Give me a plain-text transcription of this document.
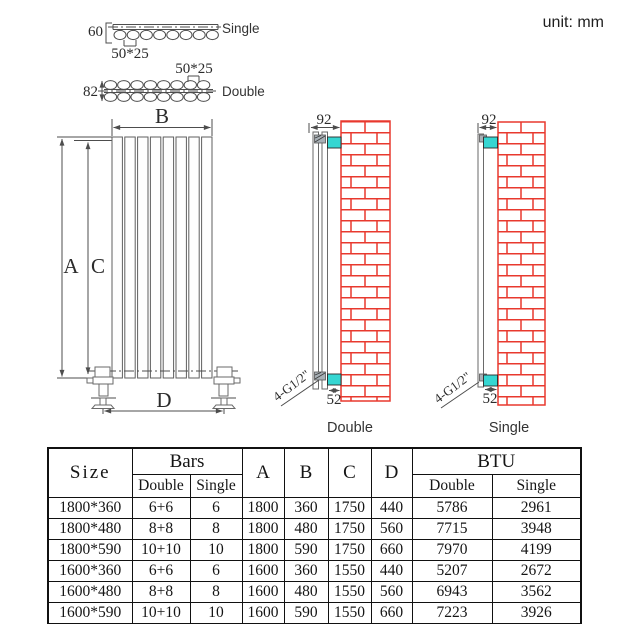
unit: mm
60
50*25
Single
50*25
82	Double
A C
B
D
92
52
4-G1/2"
Double
92
52
4-G1/2"
Single
Size	Bars		A	B	C	D	BTU	
	Double	Single					Double	Single
1800*360	6+6	6	1800	360	1750	440	5786	2961
1800*480	8+8	8	1800	480	1750	560	7715	3948
1800*590	10+10	10	1800	590	1750	660	7970	4199
1600*360	6+6	6	1600	360	1550	440	5207	2672
1600*480	8+8	8	1600	480	1550	560	6943	3562
1600*590	10+10	10	1600	590	1550	660	7223	3926
